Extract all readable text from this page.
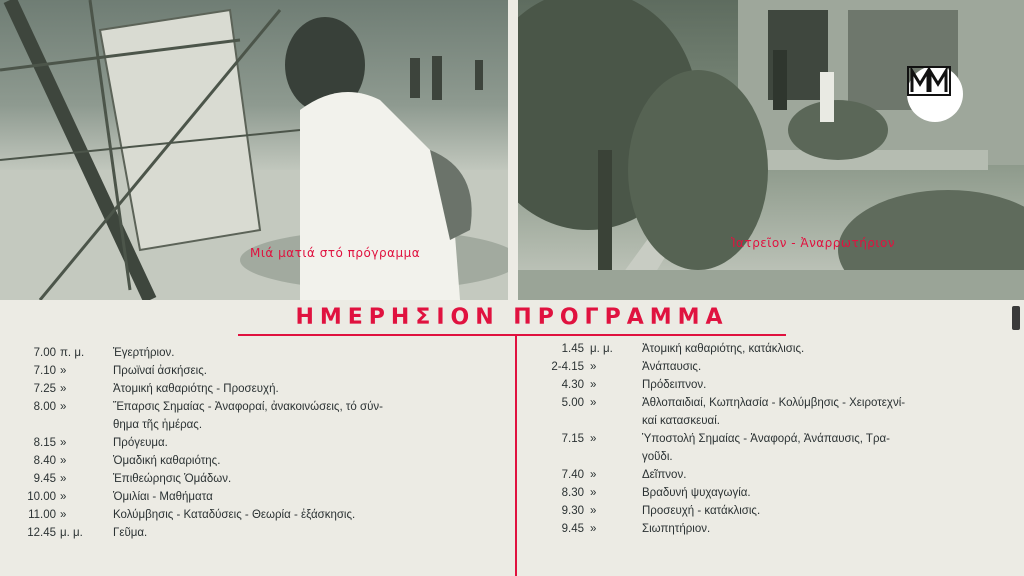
Μιά ματιά στό πρόγραμμα
Ἰατρεῖον - Ἀναρρωτήριον
ΗΜΕΡΗΣΙΟΝ ΠΡΟΓΡΑΜΜΑ
7.00 π. μ.	Ἐγερτήριον.
7.10 »	Πρωϊναί ἀσκήσεις.
7.25 »	Ἀτομική καθαριότης - Προσευχή.
8.00 »	Ἔπαρσις Σημαίας - Ἀναφοραί, ἀνακοινώσεις, τό σύν-
θημα τῆς ἡμέρας.
8.15 »	Πρόγευμα.
8.40 »	Ὁμαδική καθαριότης.
9.45 »	Ἐπιθεώρησις Ὁμάδων.
10.00 »	Ὁμιλίαι - Μαθήματα
11.00 »	Κολύμβησις - Καταδύσεις - Θεωρία - ἐξάσκησις.
12.45 μ. μ.	Γεῦμα.
1.45 μ. μ.	Ἀτομική καθαριότης, κατάκλισις.
2-4.15 »	Ἀνάπαυσις.
4.30 »	Πρόδειπνον.
5.00 »	Ἀθλοπαιδιαί, Κωπηλασία - Κολύμβησις - Χειροτεχνί-
καί κατασκευαί.
7.15 »	Ὑποστολή Σημαίας - Ἀναφορά, Ἀνάπαυσις, Τρα-
γοῦδι.
7.40 »	Δεῖπνον.
8.30 »	Βραδυνή ψυχαγωγία.
9.30 »	Προσευχή - κατάκλισις.
9.45 »	Σιωπητήριον.
